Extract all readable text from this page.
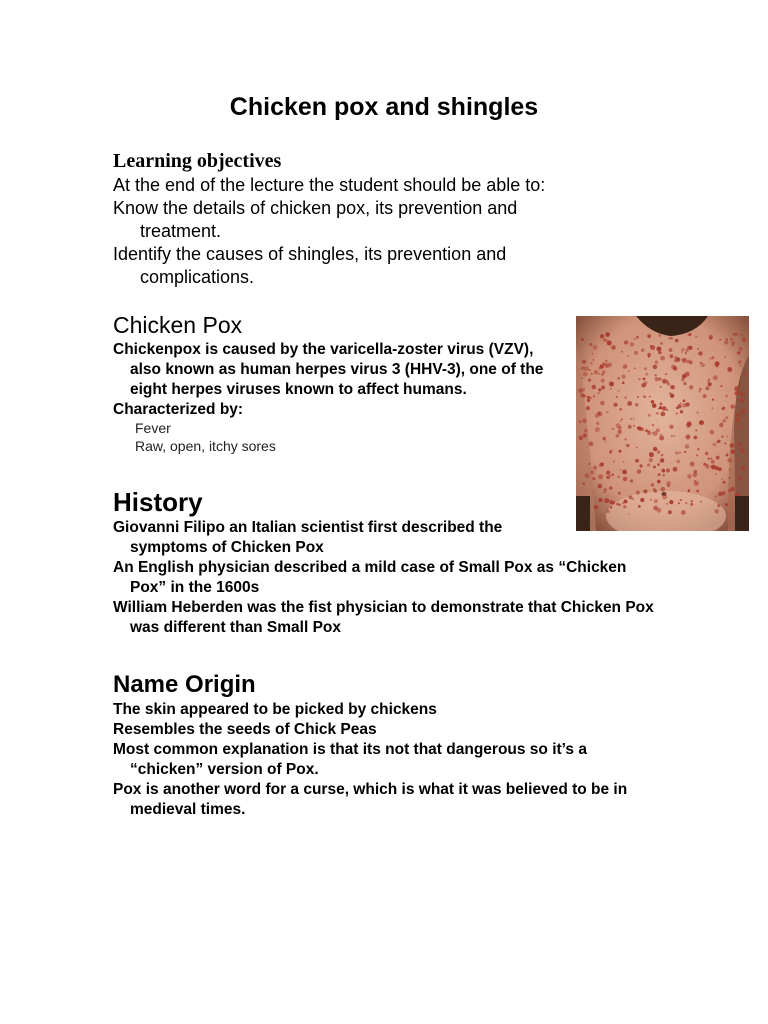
Chicken pox and shingles
Learning objectives

At the end of the lecture the student should be able to:

Know the details of chicken pox, its prevention and treatment.

Identify the causes of shingles, its prevention and complications.

Chicken Pox

Chickenpox is caused by the varicella-zoster virus (VZV), also known as human herpes virus 3 (HHV-3), one of the eight herpes viruses known to affect humans.

Characterized by:

Fever
Raw, open, itchy sores
History

Giovanni Filipo an Italian scientist first described the symptoms of Chicken Pox

An English physician described a mild case of Small Pox as “Chicken Pox” in the 1600s

William Heberden was the fist physician to demonstrate that Chicken Pox was different than Small Pox

Name Origin

The skin appeared to be picked by chickens

Resembles the seeds of Chick Peas

Most common explanation is that its not that dangerous so it’s a “chicken” version of Pox.

Pox is another word for a curse, which is what it was believed to be in medieval times.
